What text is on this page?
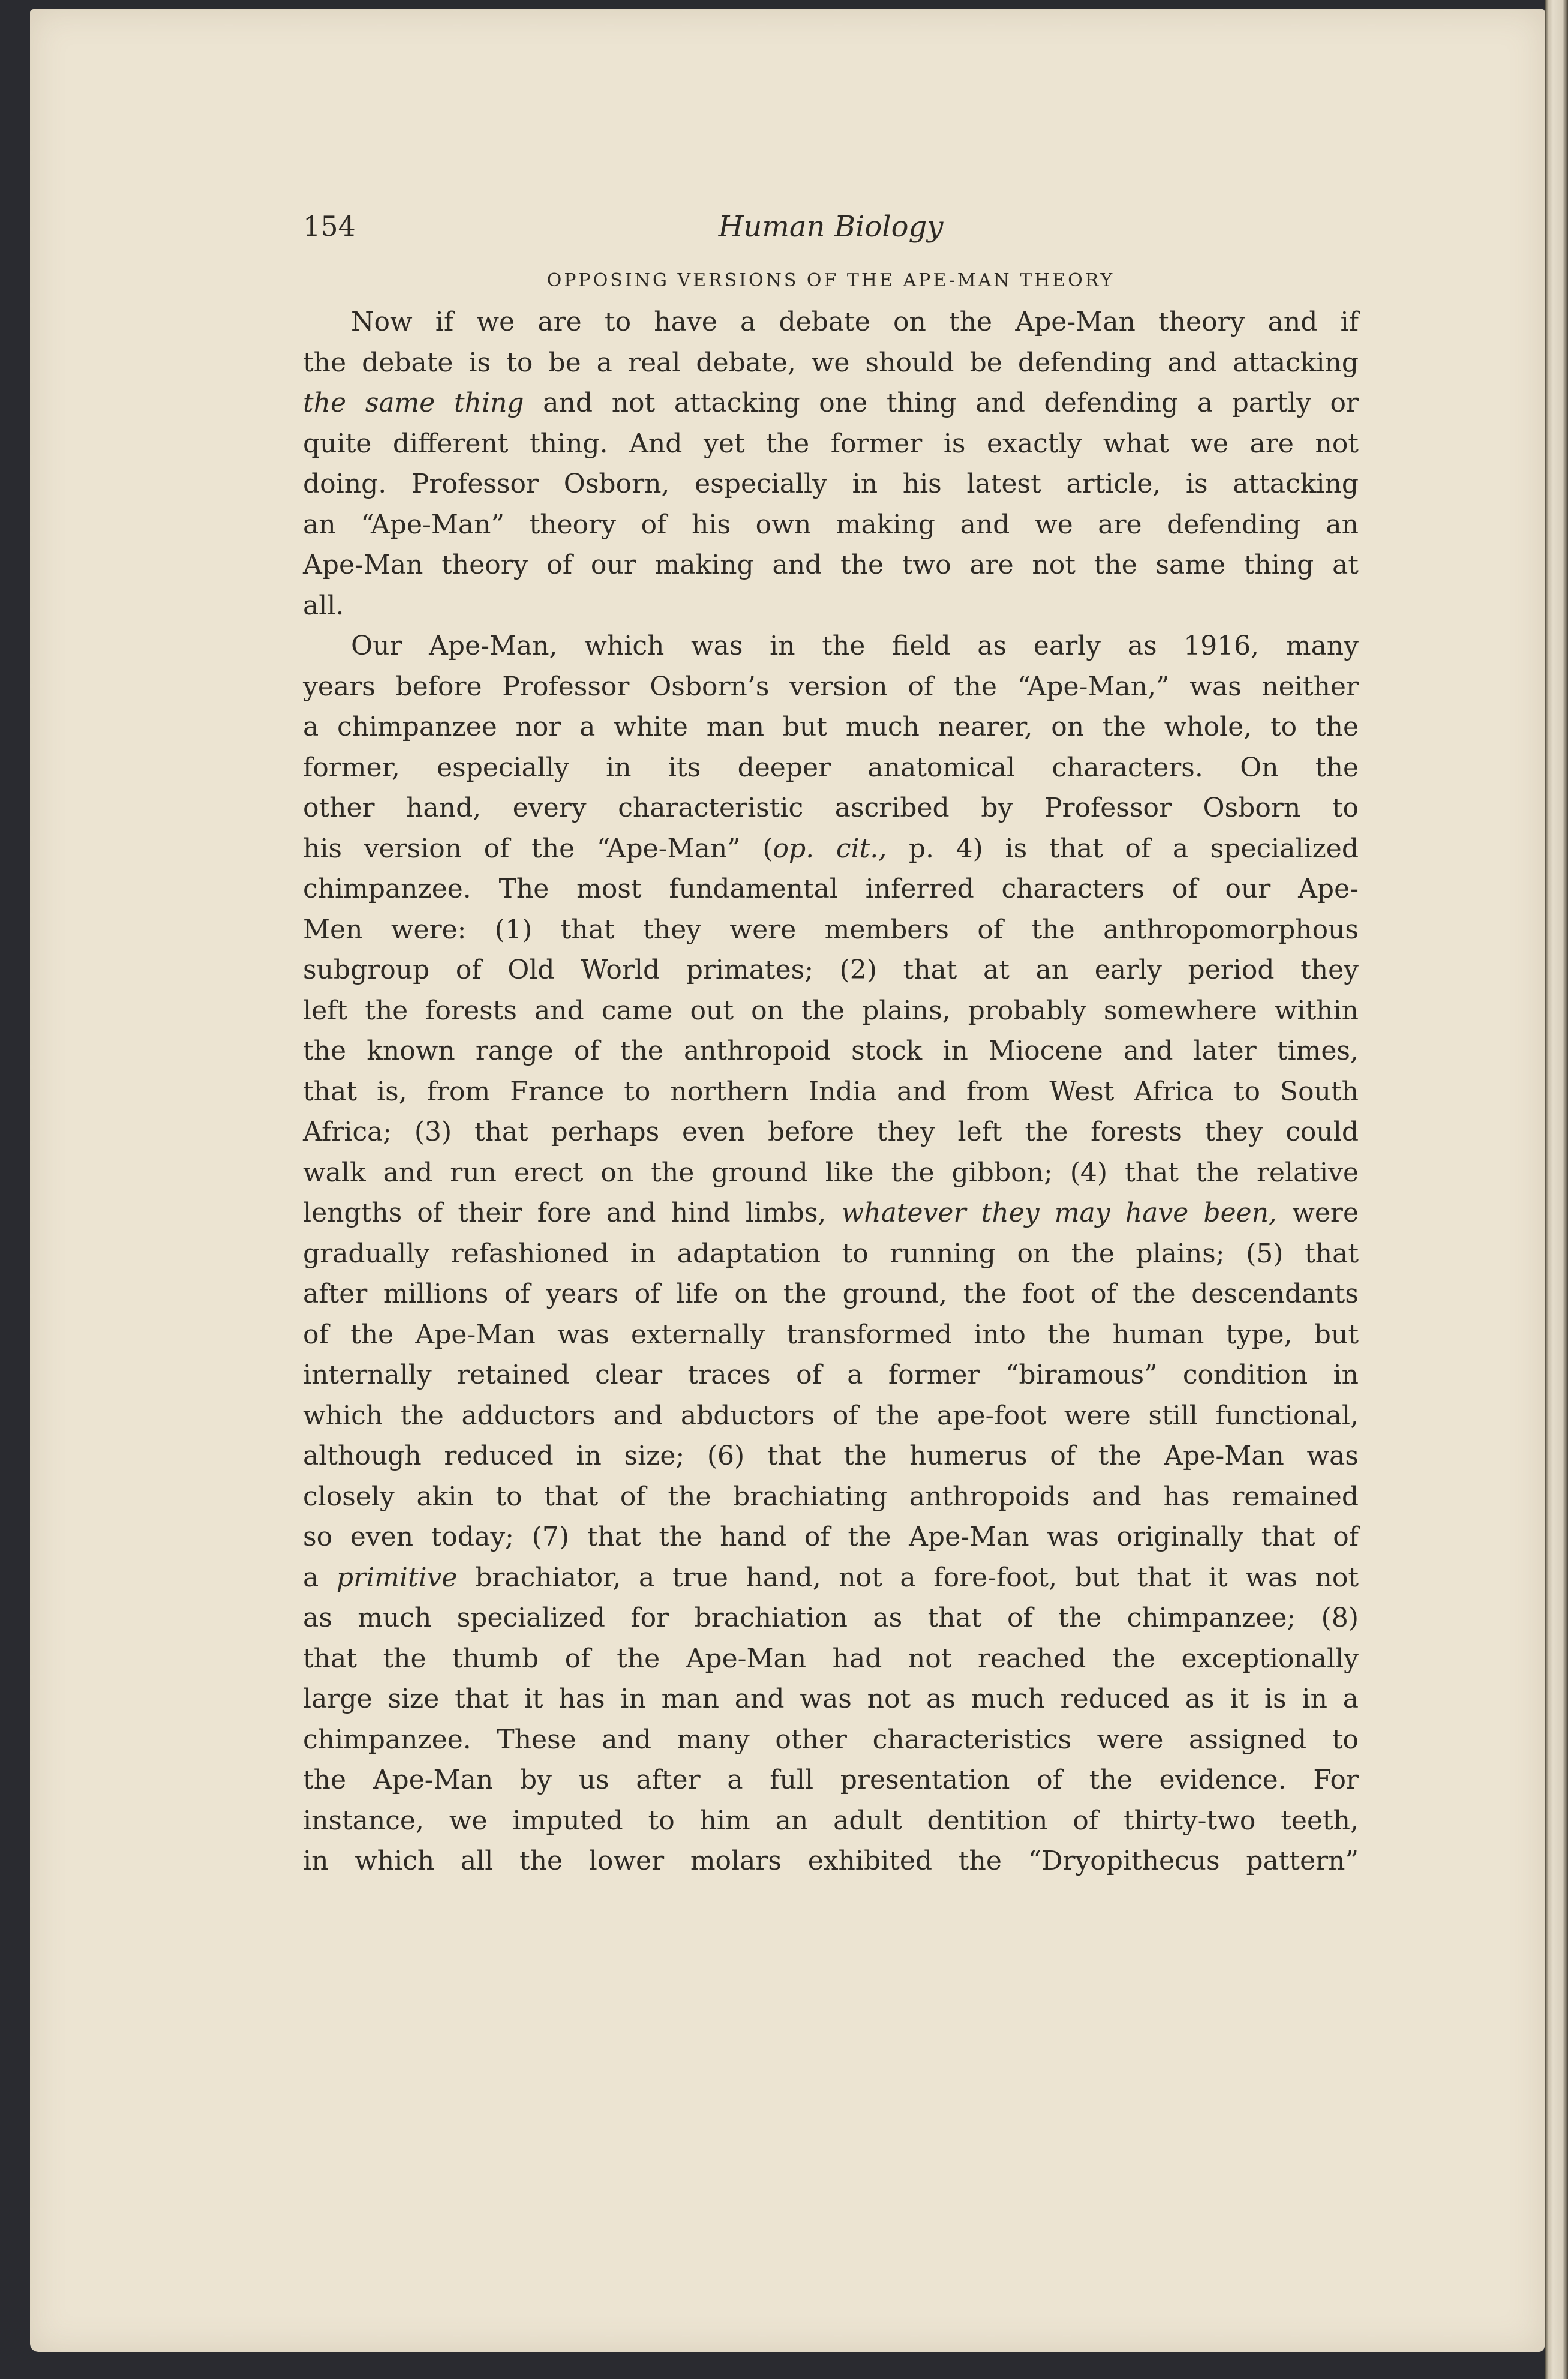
154	Human Biology
OPPOSING VERSIONS OF THE APE-MAN THEORY

Now if we are to have a debate on the Ape-Man theory and if
the debate is to be a real debate, we should be defending and attacking
the same thing and not attacking one thing and defending a partly or
quite different thing. And yet the former is exactly what we are not
doing. Professor Osborn, especially in his latest article, is attacking
an “Ape-Man” theory of his own making and we are defending an
Ape-Man theory of our making and the two are not the same thing at
all.

Our Ape-Man, which was in the field as early as 1916, many
years before Professor Osborn’s version of the “Ape-Man,” was neither
a chimpanzee nor a white man but much nearer, on the whole, to the
former, especially in its deeper anatomical characters. On the
other hand, every characteristic ascribed by Professor Osborn to
his version of the “Ape-Man” (op. cit., p. 4) is that of a specialized
chimpanzee. The most fundamental inferred characters of our Ape-
Men were: (1) that they were members of the anthropomorphous
subgroup of Old World primates; (2) that at an early period they
left the forests and came out on the plains, probably somewhere within
the known range of the anthropoid stock in Miocene and later times,
that is, from France to northern India and from West Africa to South
Africa; (3) that perhaps even before they left the forests they could
walk and run erect on the ground like the gibbon; (4) that the relative
lengths of their fore and hind limbs, whatever they may have been, were
gradually refashioned in adaptation to running on the plains; (5) that
after millions of years of life on the ground, the foot of the descendants
of the Ape-Man was externally transformed into the human type, but
internally retained clear traces of a former “biramous” condition in
which the adductors and abductors of the ape-foot were still functional,
although reduced in size; (6) that the humerus of the Ape-Man was
closely akin to that of the brachiating anthropoids and has remained
so even today; (7) that the hand of the Ape-Man was originally that of
a primitive brachiator, a true hand, not a fore-foot, but that it was not
as much specialized for brachiation as that of the chimpanzee; (8)
that the thumb of the Ape-Man had not reached the exceptionally
large size that it has in man and was not as much reduced as it is in a
chimpanzee. These and many other characteristics were assigned to
the Ape-Man by us after a full presentation of the evidence. For
instance, we imputed to him an adult dentition of thirty-two teeth,
in which all the lower molars exhibited the “Dryopithecus pattern”
